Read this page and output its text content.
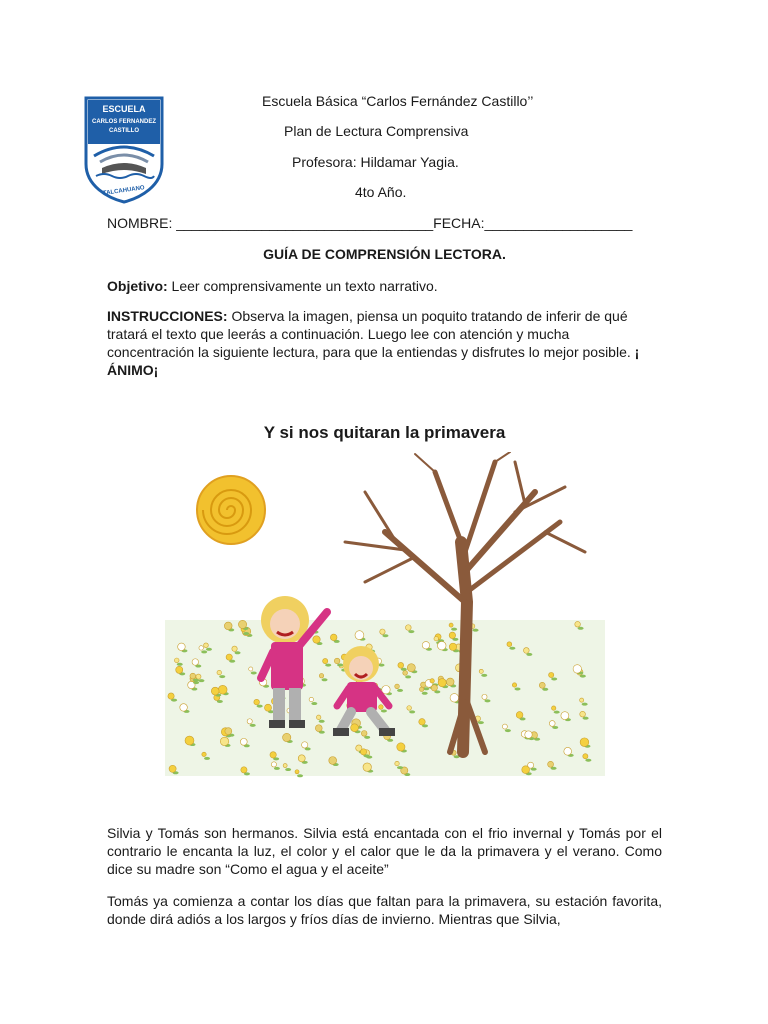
ESCUELA
CARLOS FERNANDEZ
CASTILLO
TALCAHUANO
Escuela Básica “Carlos Fernández Castillo’’
Plan de Lectura Comprensiva
Profesora: Hildamar Yagia.
4to Año.
NOMBRE: _________________________________FECHA:___________________
GUÍA DE COMPRENSIÓN LECTORA.
Objetivo: Leer comprensivamente un texto narrativo.
INSTRUCCIONES: Observa la imagen, piensa un poquito tratando de inferir de qué tratará el texto que leerás a continuación. Luego lee con atención y mucha concentración la siguiente lectura, para que la entiendas y disfrutes lo mejor posible. ¡ ÁNIMO¡
Y si nos quitaran la primavera
Silvia y Tomás son hermanos. Silvia está encantada con el frio invernal y Tomás por el contrario le encanta la luz, el color y el calor que le da la primavera y el verano. Como dice su madre son “Como el agua y el aceite”
Tomás ya comienza a contar los días que faltan para la primavera, su estación favorita, donde dirá adiós a los largos y fríos días de invierno. Mientras que Silvia,
